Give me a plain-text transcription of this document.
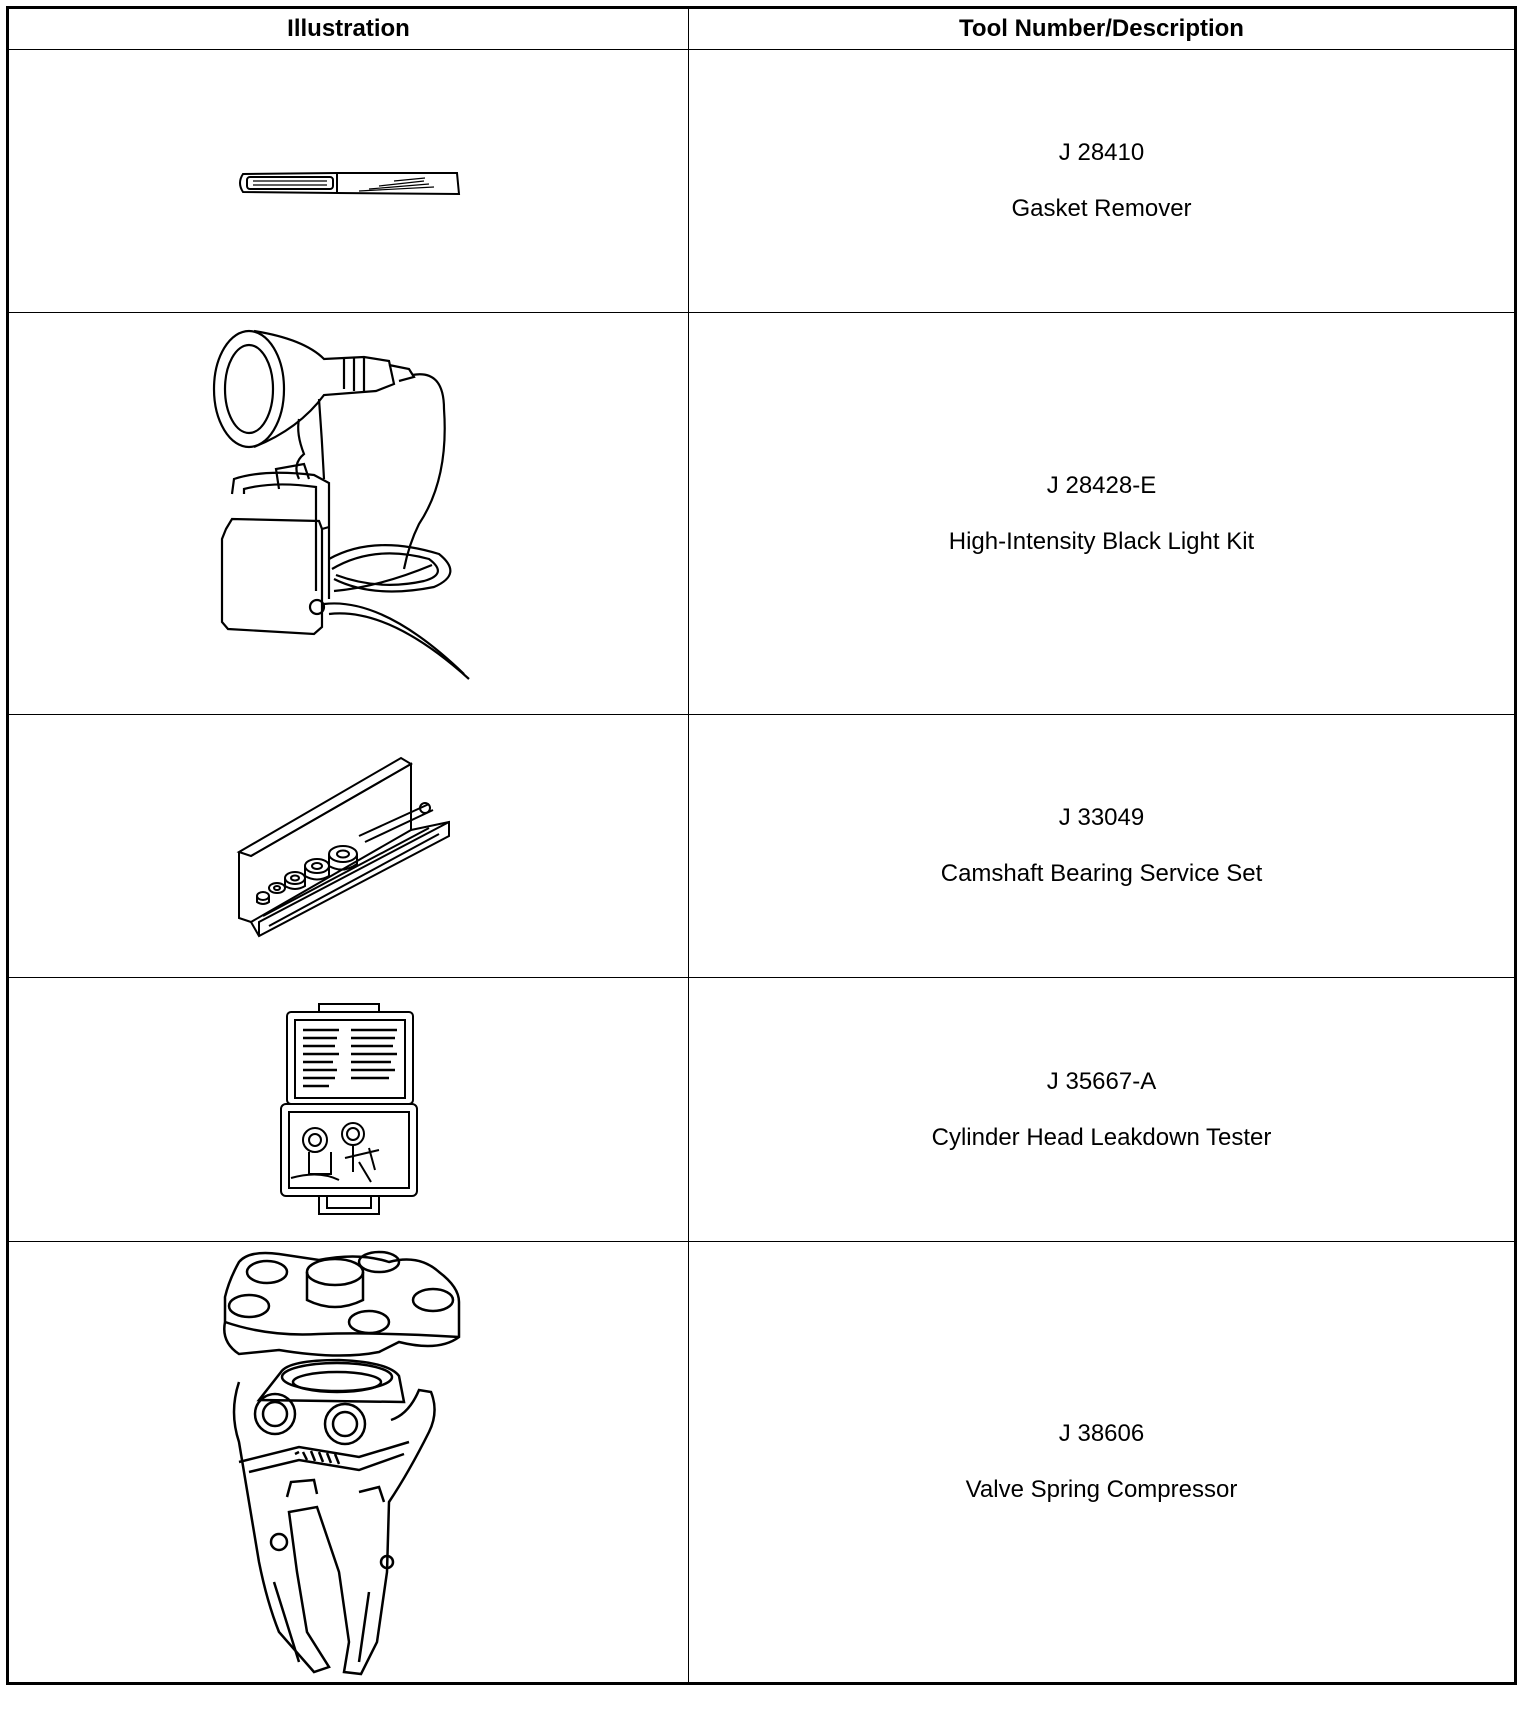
Illustration	Tool Number/Description

J 28410
Gasket Remover

J 28428-E
High-Intensity Black Light Kit

J 33049
Camshaft Bearing Service Set

J 35667-A
Cylinder Head Leakdown Tester

J 38606
Valve Spring Compressor
